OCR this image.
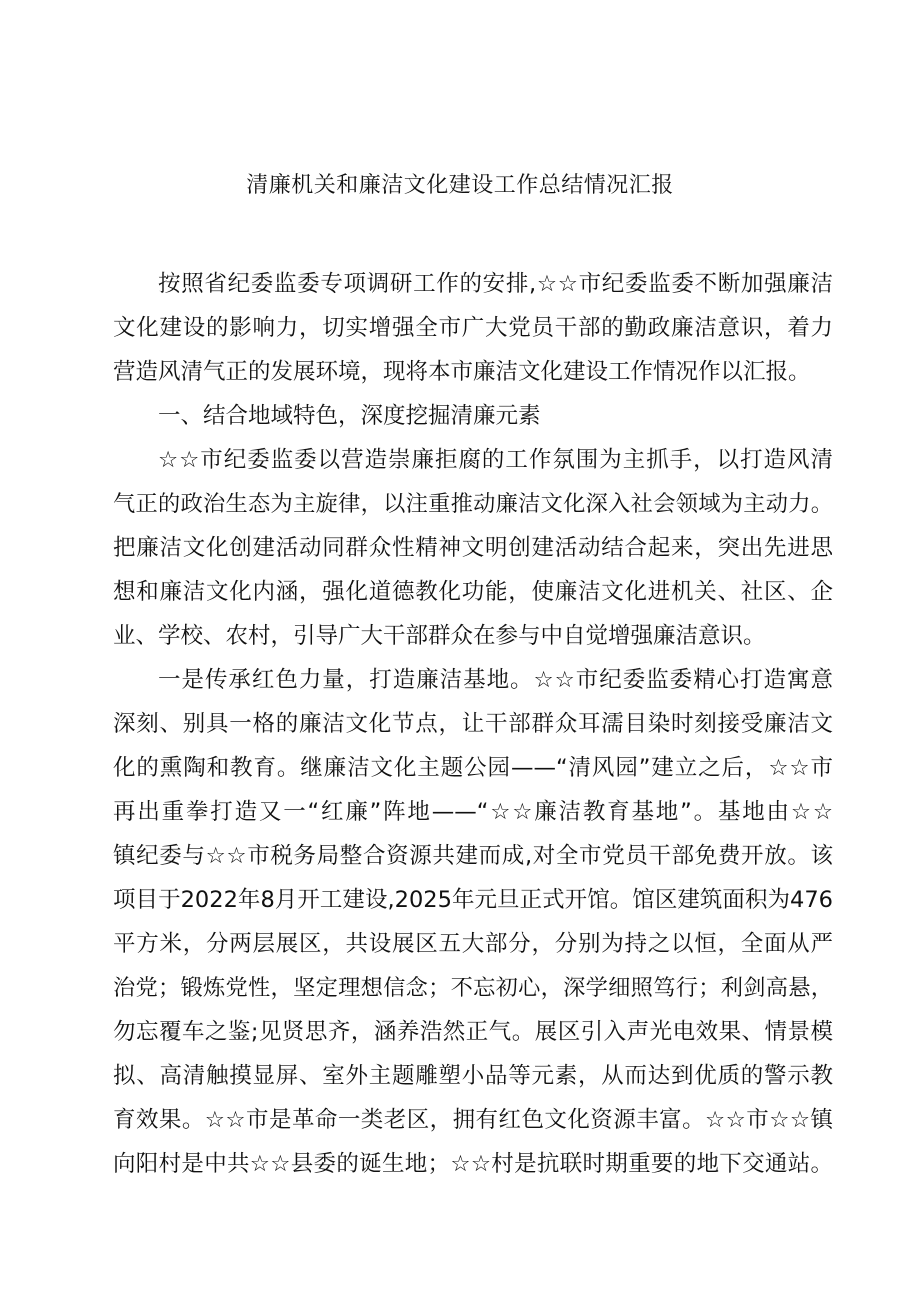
清廉机关和廉洁文化建设工作总结情况汇报
按照省纪委监委专项调研工作的安排,☆☆市纪委监委不断加强廉洁
文化建设的影响力，切实增强全市广大党员干部的勤政廉洁意识，着力
营造风清气正的发展环境，现将本市廉洁文化建设工作情况作以汇报。
一、结合地域特色，深度挖掘清廉元素
☆☆市纪委监委以营造崇廉拒腐的工作氛围为主抓手，以打造风清
气正的政治生态为主旋律，以注重推动廉洁文化深入社会领域为主动力。
把廉洁文化创建活动同群众性精神文明创建活动结合起来，突出先进思
想和廉洁文化内涵，强化道德教化功能，使廉洁文化进机关、社区、企
业、学校、农村，引导广大干部群众在参与中自觉增强廉洁意识。
一是传承红色力量，打造廉洁基地。☆☆市纪委监委精心打造寓意
深刻、别具一格的廉洁文化节点，让干部群众耳濡目染时刻接受廉洁文
化的熏陶和教育。继廉洁文化主题公园——“清风园”建立之后，☆☆市
再出重拳打造又一“红廉”阵地——“☆☆廉洁教育基地”。基地由☆☆
镇纪委与☆☆市税务局整合资源共建而成,对全市党员干部免费开放。该
项目于2022年8月开工建设,2025年元旦正式开馆。馆区建筑面积为476
平方米，分两层展区，共设展区五大部分，分别为持之以恒，全面从严
治党；锻炼党性，坚定理想信念；不忘初心，深学细照笃行；利剑高悬，
勿忘覆车之鉴;见贤思齐，涵养浩然正气。展区引入声光电效果、情景模
拟、高清触摸显屏、室外主题雕塑小品等元素，从而达到优质的警示教
育效果。☆☆市是革命一类老区，拥有红色文化资源丰富。☆☆市☆☆镇
向阳村是中共☆☆县委的诞生地；☆☆村是抗联时期重要的地下交通站。
